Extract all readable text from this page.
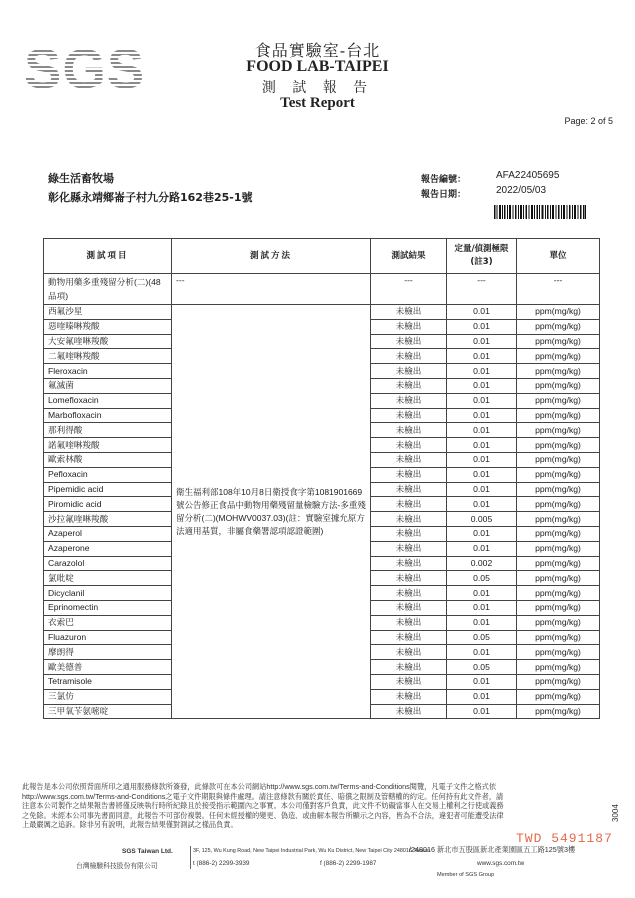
SGS	食品實驗室-台北
FOOD LAB-TAIPEI
測 試 報 告
Test Report
Page: 2 of 5
綠生活畜牧場
彰化縣永靖鄉崙子村九分路162巷25-1號
報告編號：	AFA22405695
報告日期：	2022/05/03
測試項目	測試方法	測試結果	定量/偵測極限(註3)	單位
動物用藥多重殘留分析(二)(48品項)	---	---	---	---
西氟沙星	衛生福利部108年10月8日衛授食字第1081901669號公告修正食品中動物用藥殘留量檢驗方法-多重殘留分析(二)(MOHWV0037.03)(註：實驗室據允原方法適用基質，非屬食藥署認項認證範圍)	未檢出	0.01	ppm(mg/kg)
惡喹嗪啉羧酸		未檢出	0.01	ppm(mg/kg)
大安氟喹啉羧酸		未檢出	0.01	ppm(mg/kg)
二氟喹啉羧酸		未檢出	0.01	ppm(mg/kg)
Fleroxacin		未檢出	0.01	ppm(mg/kg)
氟滅菌		未檢出	0.01	ppm(mg/kg)
Lomefloxacin		未檢出	0.01	ppm(mg/kg)
Marbofloxacin		未檢出	0.01	ppm(mg/kg)
那利得酸		未檢出	0.01	ppm(mg/kg)
諾氟喹啉羧酸		未檢出	0.01	ppm(mg/kg)
歐索林酸		未檢出	0.01	ppm(mg/kg)
Pefloxacin		未檢出	0.01	ppm(mg/kg)
Pipemidic acid		未檢出	0.01	ppm(mg/kg)
Piromidic acid		未檢出	0.01	ppm(mg/kg)
沙拉氟喹啉羧酸		未檢出	0.005	ppm(mg/kg)
Azaperol		未檢出	0.01	ppm(mg/kg)
Azaperone		未檢出	0.01	ppm(mg/kg)
Carazolol		未檢出	0.002	ppm(mg/kg)
氯吡啶		未檢出	0.05	ppm(mg/kg)
Dicyclanil		未檢出	0.01	ppm(mg/kg)
Eprinomectin		未檢出	0.01	ppm(mg/kg)
衣索巴		未檢出	0.01	ppm(mg/kg)
Fluazuron		未檢出	0.05	ppm(mg/kg)
摩朗得		未檢出	0.01	ppm(mg/kg)
歐美德普		未檢出	0.05	ppm(mg/kg)
Tetramisole		未檢出	0.01	ppm(mg/kg)
三氯仿		未檢出	0.01	ppm(mg/kg)
三甲氧苄氨嘧啶		未檢出	0.01	ppm(mg/kg)
此報告是本公司依照背面所印之通用服務條款所簽發，此條款可在本公司網站http://www.sgs.com.tw/Terms-and-Conditions閱覽，凡電子文件之格式依
http://www.sgs.com.tw/Terms-and-Conditions之電子文件期限與條件處理。請注意條款有關於責任、賠償之限制及管轄權的約定。任何持有此文件者，請
注意本公司製作之結果報告書將僅反映執行時所紀錄且於接受指示範圍內之事實。本公司僅對客戶負責，此文件不妨礙當事人在交易上權利之行使或義務
之免除。未經本公司事先書面同意，此報告不可部份複製。任何未經授權的變更、偽造、或曲解本報告所顯示之內容，皆為不合法，違犯者可能遭受法律
上最嚴厲之追訴。除非另有說明，此報告結果僅對測試之樣品負責。
TWD 5491187
3004
SGS Taiwan Ltd.
台灣檢驗科技股份有限公司
3F, 125, Wu Kung Road, New Taipei Industrial Park, Wu Ku District, New Taipei City 248016 Taiwan
/248016 新北市五股區新北產業園區五工路125號3樓
t (886-2) 2299-3939	f (886-2) 2299-1987	www.sgs.com.tw
Member of SGS Group
